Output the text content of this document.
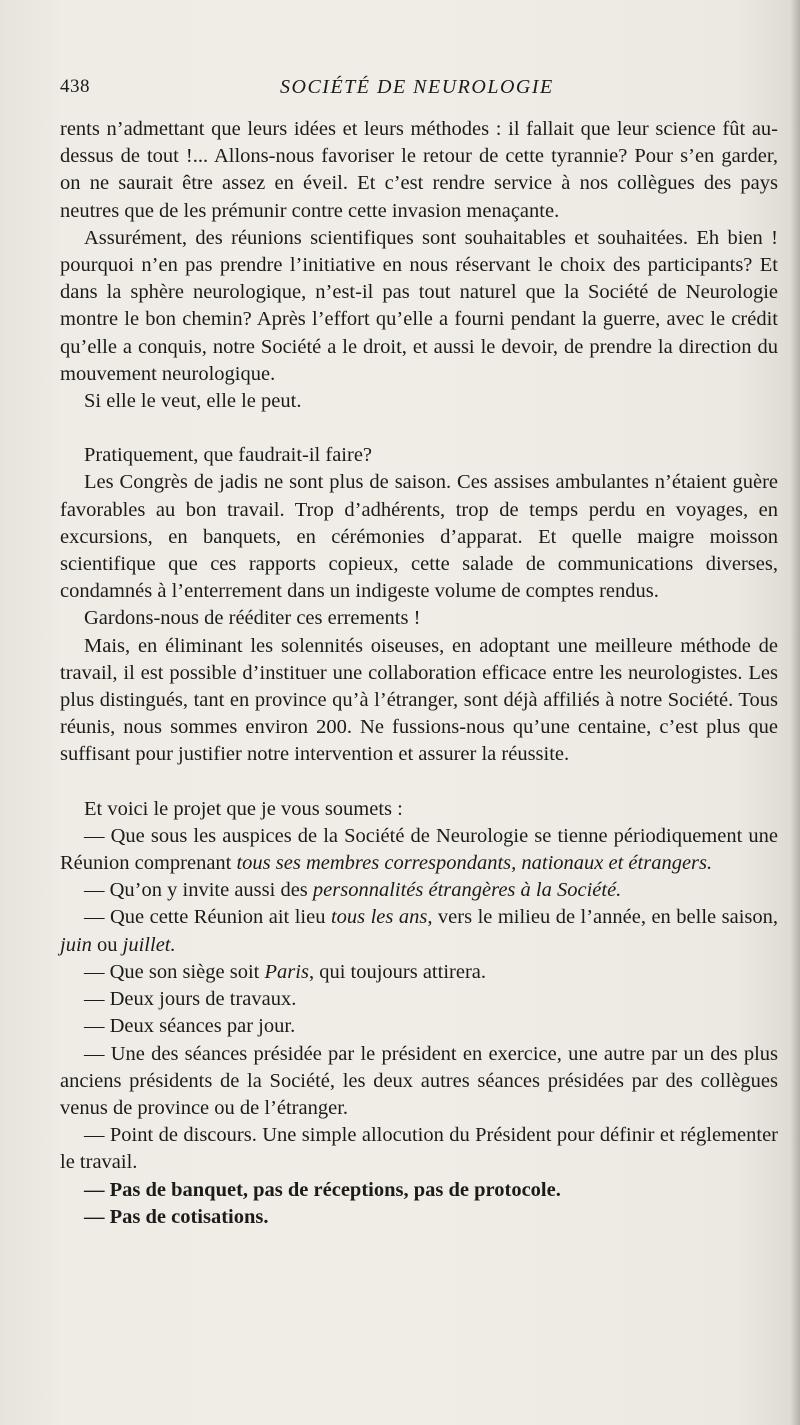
438	SOCIÉTÉ DE NEUROLOGIE

rents n’admettant que leurs idées et leurs méthodes : il fallait que leur science fût au-dessus de tout !... Allons-nous favoriser le retour de cette tyrannie? Pour s’en garder, on ne saurait être assez en éveil. Et c’est rendre service à nos collègues des pays neutres que de les prémunir contre cette invasion menaçante.

Assurément, des réunions scientifiques sont souhaitables et souhaitées. Eh bien ! pourquoi n’en pas prendre l’initiative en nous réservant le choix des participants? Et dans la sphère neurologique, n’est-il pas tout naturel que la Société de Neurologie montre le bon chemin? Après l’effort qu’elle a fourni pendant la guerre, avec le crédit qu’elle a conquis, notre Société a le droit, et aussi le devoir, de prendre la direction du mouvement neurologique.

Si elle le veut, elle le peut.

Pratiquement, que faudrait-il faire?

Les Congrès de jadis ne sont plus de saison. Ces assises ambulantes n’étaient guère favorables au bon travail. Trop d’adhérents, trop de temps perdu en voyages, en excursions, en banquets, en cérémonies d’apparat. Et quelle maigre moisson scientifique que ces rapports copieux, cette salade de communications diverses, condamnés à l’enterrement dans un indigeste volume de comptes rendus.

Gardons-nous de rééditer ces errements !

Mais, en éliminant les solennités oiseuses, en adoptant une meilleure méthode de travail, il est possible d’instituer une collaboration efficace entre les neurologistes. Les plus distingués, tant en province qu’à l’étranger, sont déjà affiliés à notre Société. Tous réunis, nous sommes environ 200. Ne fussions-nous qu’une centaine, c’est plus que suffisant pour justifier notre intervention et assurer la réussite.

Et voici le projet que je vous soumets :

— Que sous les auspices de la Société de Neurologie se tienne périodiquement une Réunion comprenant tous ses membres correspondants, nationaux et étrangers.

— Qu’on y invite aussi des personnalités étrangères à la Société.

— Que cette Réunion ait lieu tous les ans, vers le milieu de l’année, en belle saison, juin ou juillet.

— Que son siège soit Paris, qui toujours attirera.

— Deux jours de travaux.

— Deux séances par jour.

— Une des séances présidée par le président en exercice, une autre par un des plus anciens présidents de la Société, les deux autres séances présidées par des collègues venus de province ou de l’étranger.

— Point de discours. Une simple allocution du Président pour définir et réglementer le travail.

— Pas de banquet, pas de réceptions, pas de protocole.

— Pas de cotisations.
